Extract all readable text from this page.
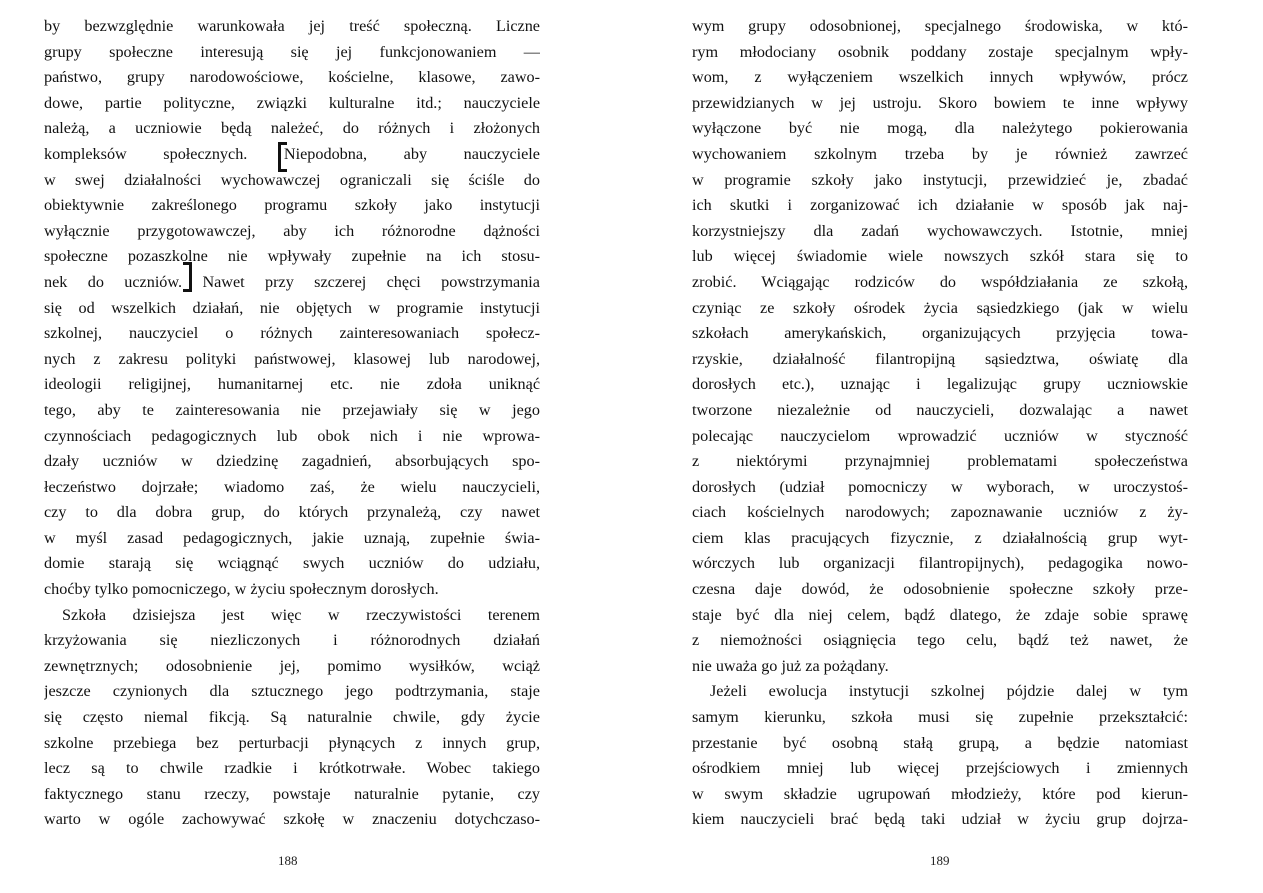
by bezwzględnie warunkowała jej treść społeczną. Liczne
grupy społeczne interesują się jej funkcjonowaniem —
państwo, grupy narodowościowe, kościelne, klasowe, zawo-
dowe, partie polityczne, związki kulturalne itd.; nauczyciele
należą, a uczniowie będą należeć, do różnych i złożonych
kompleksów społecznych. Niepodobna, aby nauczyciele
w swej działalności wychowawczej ograniczali się ściśle do
obiektywnie zakreślonego programu szkoły jako instytucji
wyłącznie przygotowawczej, aby ich różnorodne dążności
społeczne pozaszkolne nie wpływały zupełnie na ich stosu-
nek do uczniów. Nawet przy szczerej chęci powstrzymania
się od wszelkich działań, nie objętych w programie instytucji
szkolnej, nauczyciel o różnych zainteresowaniach społecz-
nych z zakresu polityki państwowej, klasowej lub narodowej,
ideologii religijnej, humanitarnej etc. nie zdoła uniknąć
tego, aby te zainteresowania nie przejawiały się w jego
czynnościach pedagogicznych lub obok nich i nie wprowa-
dzały uczniów w dziedzinę zagadnień, absorbujących spo-
łeczeństwo dojrzałe; wiadomo zaś, że wielu nauczycieli,
czy to dla dobra grup, do których przynależą, czy nawet
w myśl zasad pedagogicznych, jakie uznają, zupełnie świa-
domie starają się wciągnąć swych uczniów do udziału,
choćby tylko pomocniczego, w życiu społecznym dorosłych.
Szkoła dzisiejsza jest więc w rzeczywistości terenem
krzyżowania się niezliczonych i różnorodnych działań
zewnętrznych; odosobnienie jej, pomimo wysiłków, wciąż
jeszcze czynionych dla sztucznego jego podtrzymania, staje
się często niemal fikcją. Są naturalnie chwile, gdy życie
szkolne przebiega bez perturbacji płynących z innych grup,
lecz są to chwile rzadkie i krótkotrwałe. Wobec takiego
faktycznego stanu rzeczy, powstaje naturalnie pytanie, czy
warto w ogóle zachowywać szkołę w znaczeniu dotychczaso-
wym grupy odosobnionej, specjalnego środowiska, w któ-
rym młodociany osobnik poddany zostaje specjalnym wpły-
wom, z wyłączeniem wszelkich innych wpływów, prócz
przewidzianych w jej ustroju. Skoro bowiem te inne wpływy
wyłączone być nie mogą, dla należytego pokierowania
wychowaniem szkolnym trzeba by je również zawrzeć
w programie szkoły jako instytucji, przewidzieć je, zbadać
ich skutki i zorganizować ich działanie w sposób jak naj-
korzystniejszy dla zadań wychowawczych. Istotnie, mniej
lub więcej świadomie wiele nowszych szkół stara się to
zrobić. Wciągając rodziców do współdziałania ze szkołą,
czyniąc ze szkoły ośrodek życia sąsiedzkiego (jak w wielu
szkołach amerykańskich, organizujących przyjęcia towa-
rzyskie, działalność filantropijną sąsiedztwa, oświatę dla
dorosłych etc.), uznając i legalizując grupy uczniowskie
tworzone niezależnie od nauczycieli, dozwalając a nawet
polecając nauczycielom wprowadzić uczniów w styczność
z niektórymi przynajmniej problematami społeczeństwa
dorosłych (udział pomocniczy w wyborach, w uroczystoś-
ciach kościelnych narodowych; zapoznawanie uczniów z ży-
ciem klas pracujących fizycznie, z działalnością grup wyt-
wórczych lub organizacji filantropijnych), pedagogika nowo-
czesna daje dowód, że odosobnienie społeczne szkoły prze-
staje być dla niej celem, bądź dlatego, że zdaje sobie sprawę
z niemożności osiągnięcia tego celu, bądź też nawet, że
nie uważa go już za pożądany.
Jeżeli ewolucja instytucji szkolnej pójdzie dalej w tym
samym kierunku, szkoła musi się zupełnie przekształcić:
przestanie być osobną stałą grupą, a będzie natomiast
ośrodkiem mniej lub więcej przejściowych i zmiennych
w swym składzie ugrupowań młodzieży, które pod kierun-
kiem nauczycieli brać będą taki udział w życiu grup dojrza-
188	189
